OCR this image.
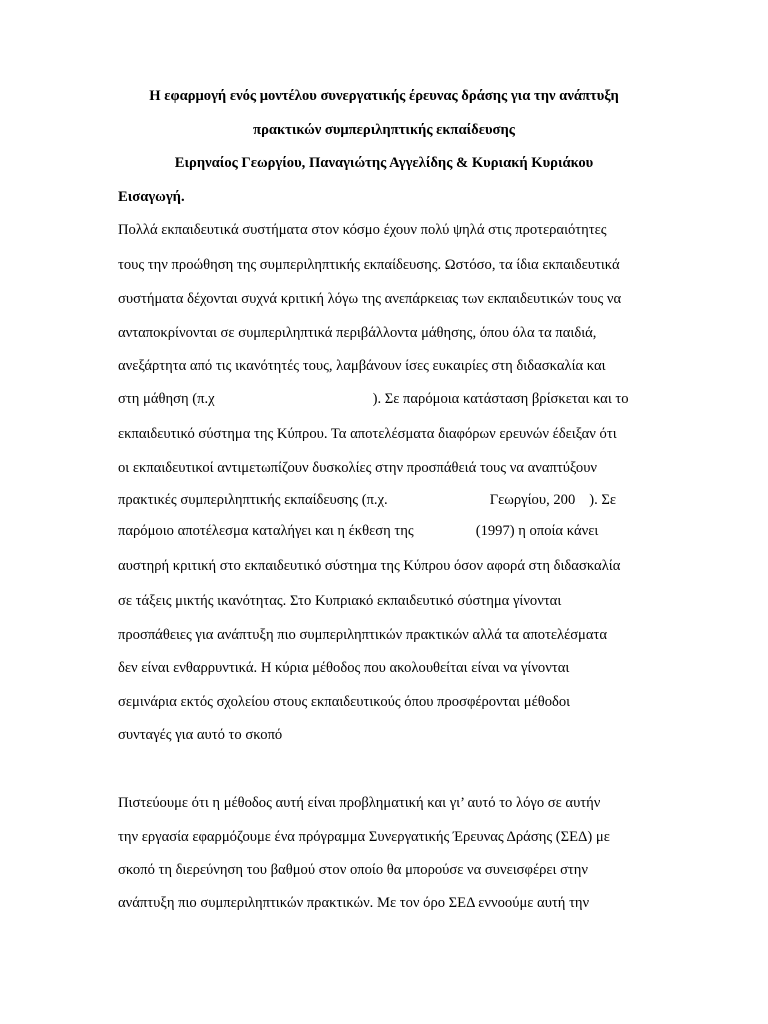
Η εφαρμογή ενός μοντέλου συνεργατικής έρευνας δράσης για την ανάπτυξη
πρακτικών συμπεριληπτικής εκπαίδευσης
Ειρηναίος Γεωργίου, Παναγιώτης Αγγελίδης & Κυριακή Κυριάκου
Εισαγωγή.
Πολλά εκπαιδευτικά συστήματα στον κόσμο έχουν πολύ ψηλά στις προτεραιότητες
τους την προώθηση της συμπεριληπτικής εκπαίδευσης. Ωστόσο, τα ίδια εκπαιδευτικά
συστήματα δέχονται συχνά κριτική λόγω της ανεπάρκειας των εκπαιδευτικών τους να
ανταποκρίνονται σε συμπεριληπτικά περιβάλλοντα μάθησης, όπου όλα τα παιδιά,
ανεξάρτητα από τις ικανότητές τους, λαμβάνουν ίσες ευκαιρίες στη διδασκαλία και
στη μάθηση (π.χ	). Σε παρόμοια κατάσταση βρίσκεται και το
εκπαιδευτικό σύστημα της Κύπρου. Τα αποτελέσματα διαφόρων ερευνών έδειξαν ότι
οι εκπαιδευτικοί αντιμετωπίζουν δυσκολίες στην προσπάθειά τους να αναπτύξουν
πρακτικές συμπεριληπτικής εκπαίδευσης (π.χ.	Γεωργίου, 200 ). Σε
παρόμοιο αποτέλεσμα καταλήγει και η έκθεση της	(1997) η οποία κάνει
αυστηρή κριτική στο εκπαιδευτικό σύστημα της Κύπρου όσον αφορά στη διδασκαλία
σε τάξεις μικτής ικανότητας. Στο Κυπριακό εκπαιδευτικό σύστημα γίνονται
προσπάθειες για ανάπτυξη πιο συμπεριληπτικών πρακτικών αλλά τα αποτελέσματα
δεν είναι ενθαρρυντικά. Η κύρια μέθοδος που ακολουθείται είναι να γίνονται
σεμινάρια εκτός σχολείου στους εκπαιδευτικούς όπου προσφέρονται μέθοδοι
συνταγές για αυτό το σκοπό
Πιστεύουμε ότι η μέθοδος αυτή είναι προβληματική και γι’ αυτό το λόγο σε αυτήν
την εργασία εφαρμόζουμε ένα πρόγραμμα Συνεργατικής Έρευνας Δράσης (ΣΕΔ) με
σκοπό τη διερεύνηση του βαθμού στον οποίο θα μπορούσε να συνεισφέρει στην
ανάπτυξη πιο συμπεριληπτικών πρακτικών. Με τον όρο ΣΕΔ εννοούμε αυτή την
